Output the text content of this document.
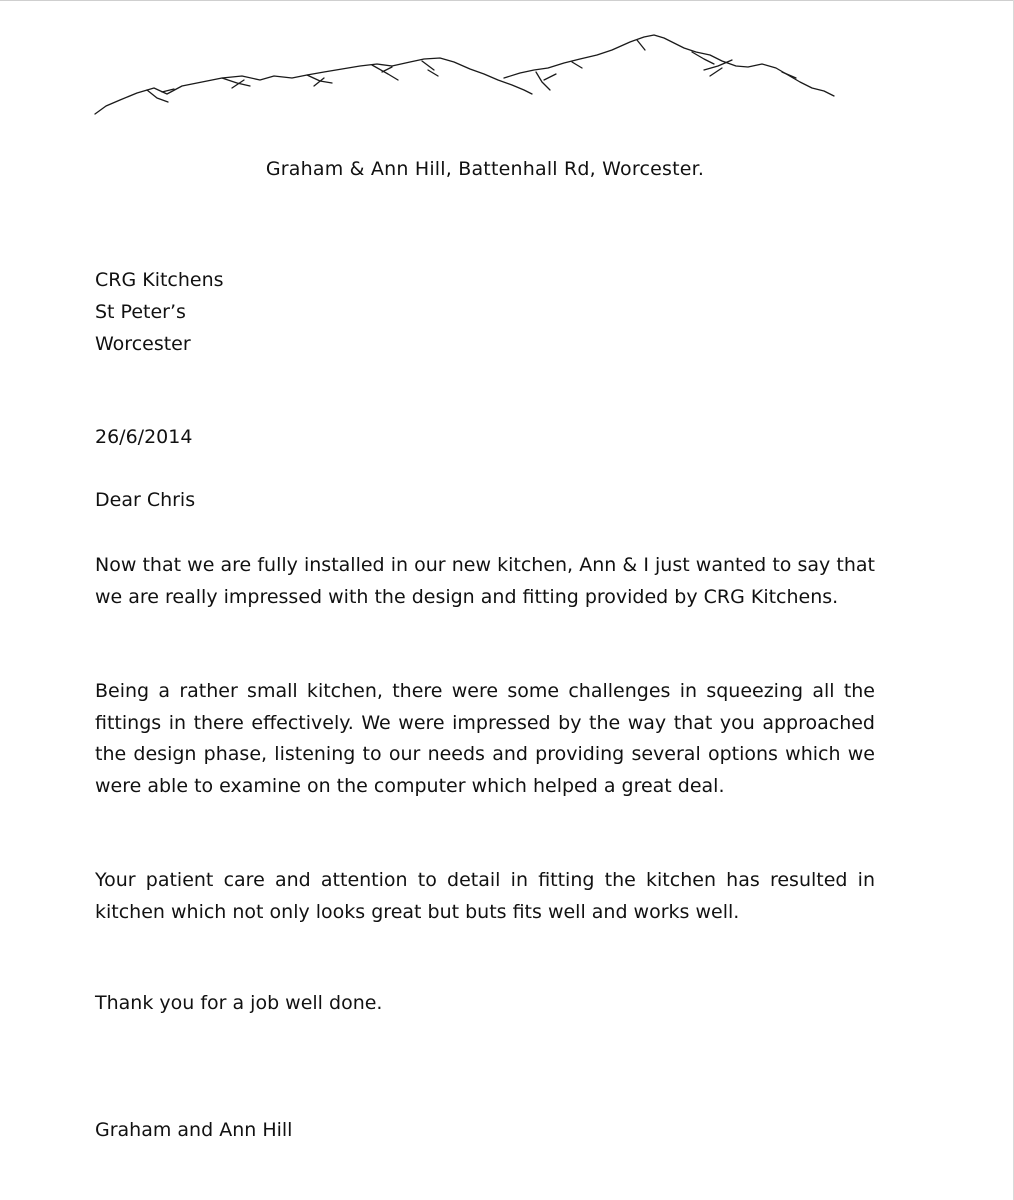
Graham & Ann Hill, Battenhall Rd, Worcester.
CRG Kitchens
St Peter’s
Worcester
26/6/2014
Dear Chris
Now that we are fully installed in our new kitchen, Ann & I just wanted to say that we are really impressed with the design and fitting provided by CRG Kitchens.
Being a rather small kitchen, there were some challenges in squeezing all the fittings in there effectively. We were impressed by the way that you approached the design phase, listening to our needs and providing several options which we were able to examine on the computer which helped a great deal.
Your patient care and attention to detail in fitting the kitchen has resulted in kitchen which not only looks great but buts fits well and works well.
Thank you for a job well done.
Graham and Ann Hill
